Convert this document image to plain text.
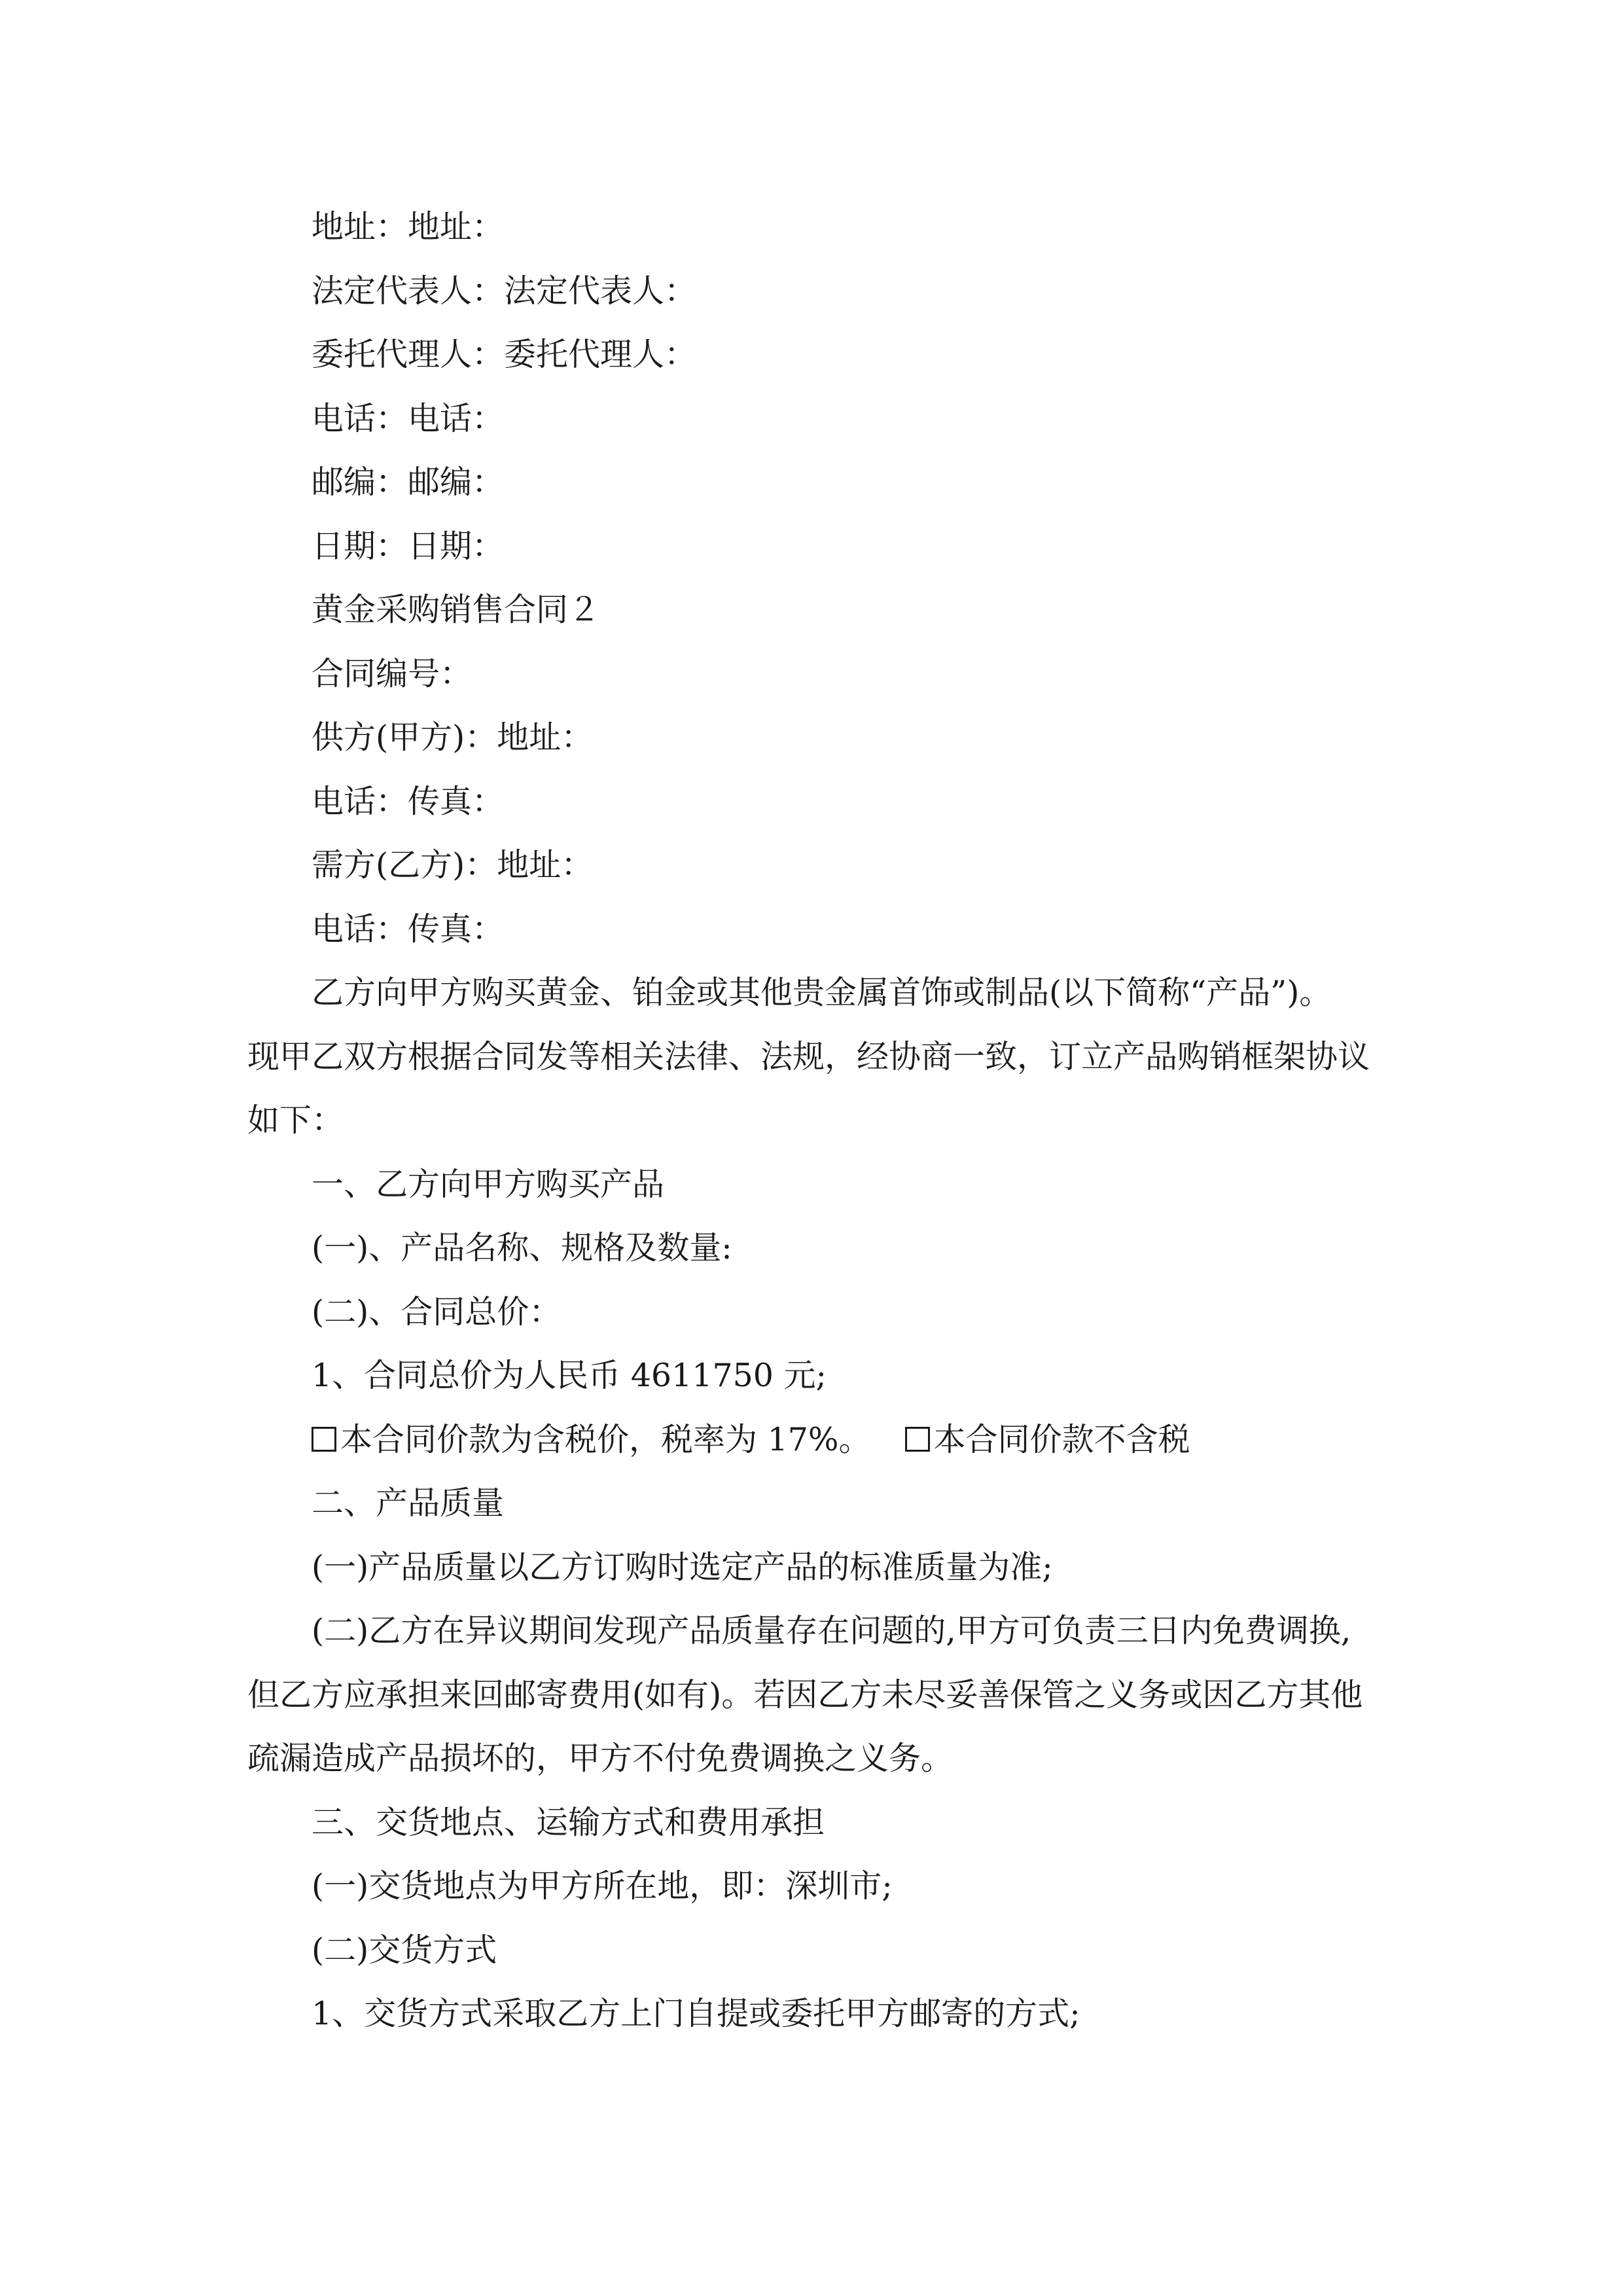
地址：地址：
法定代表人：法定代表人：
委托代理人：委托代理人：
电话：电话：
邮编：邮编：
日期：日期：
黄金采购销售合同２
合同编号：
供方(甲方)：地址：
电话：传真：
需方(乙方)：地址：
电话：传真：
乙方向甲方购买黄金、铂金或其他贵金属首饰或制品(以下简称“产品”)。
现甲乙双方根据合同发等相关法律、法规，经协商一致，订立产品购销框架协议
如下：
一、乙方向甲方购买产品
(一)、产品名称、规格及数量:
(二)、合同总价：
1、合同总价为人民币 4611750 元;
本合同价款为含税价，税率为 17%。 本合同价款不含税
二、产品质量
(一)产品质量以乙方订购时选定产品的标准质量为准;
(二)乙方在异议期间发现产品质量存在问题的,甲方可负责三日内免费调换,
但乙方应承担来回邮寄费用(如有)。若因乙方未尽妥善保管之义务或因乙方其他
疏漏造成产品损坏的，甲方不付免费调换之义务。
三、交货地点、运输方式和费用承担
(一)交货地点为甲方所在地，即：深圳市;
(二)交货方式
1、交货方式采取乙方上门自提或委托甲方邮寄的方式;
